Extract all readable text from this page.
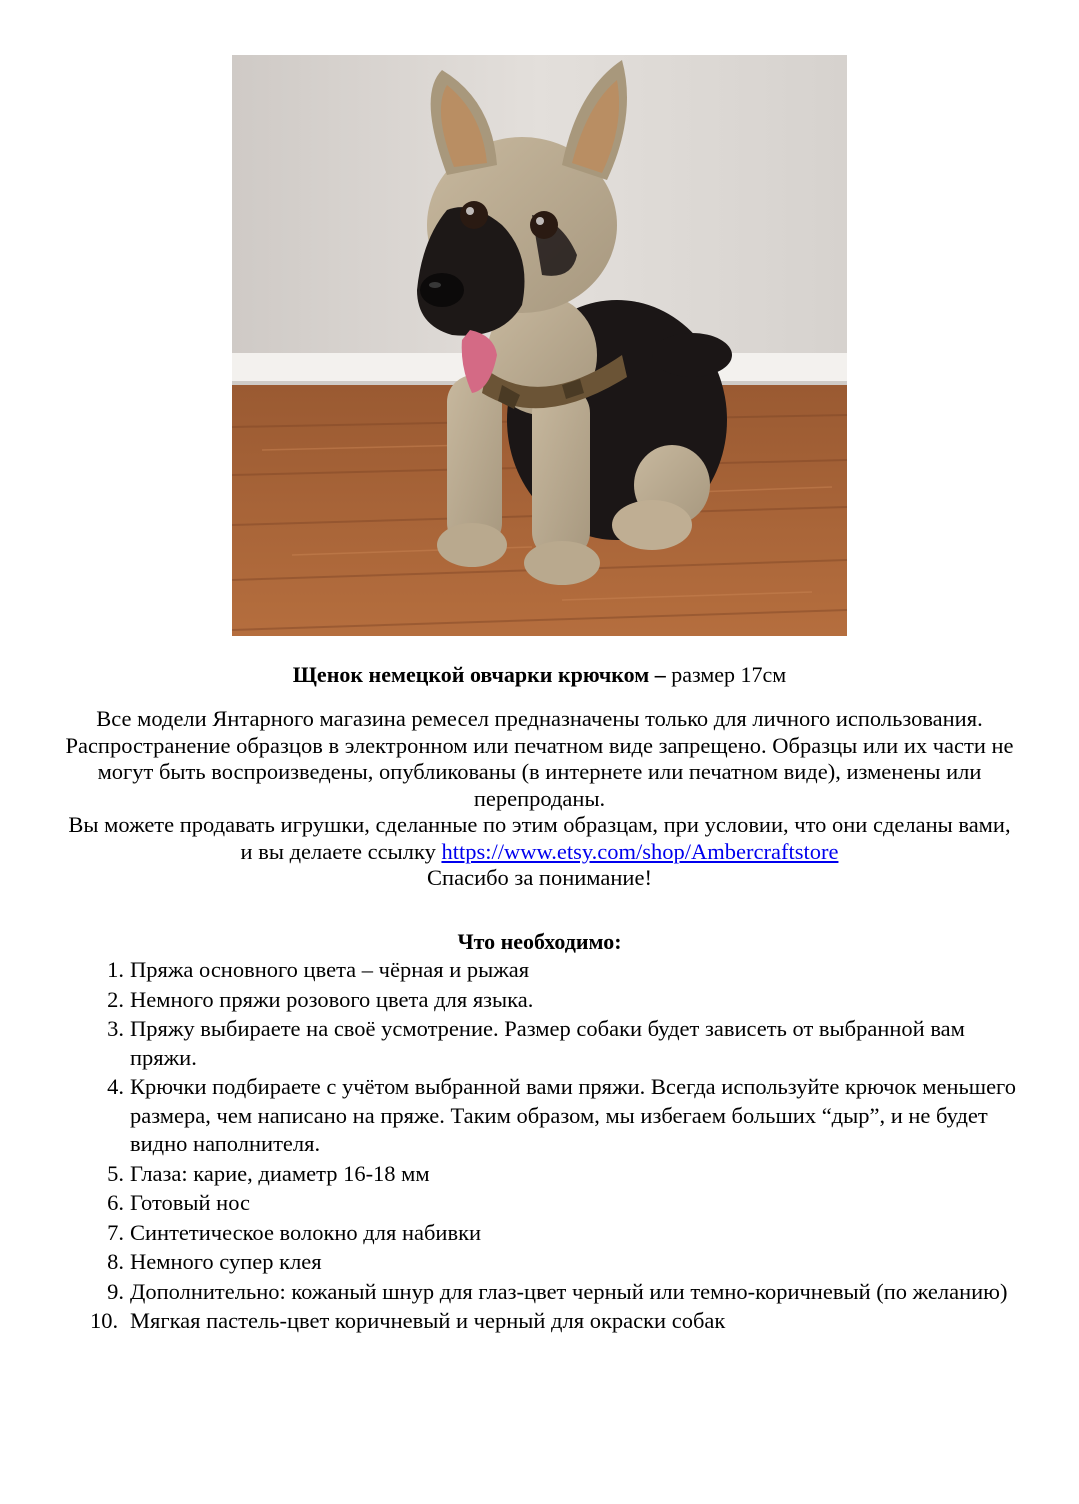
Щенок немецкой овчарки крючком – размер 17см

Все модели Янтарного магазина ремесел предназначены только для личного использования. Распространение образцов в электронном или печатном виде запрещено. Образцы или их части не могут быть воспроизведены, опубликованы (в интернете или печатном виде), изменены или перепроданы.

Вы можете продавать игрушки, сделанные по этим образцам, при условии, что они сделаны вами, и вы делаете ссылку https://www.etsy.com/shop/Ambercraftstore

Спасибо за понимание!

Что необходимо:
1. Пряжа основного цвета – чёрная и рыжая
2. Немного пряжи розового цвета для языка.
3. Пряжу выбираете на своё усмотрение. Размер собаки будет зависеть от выбранной вам пряжи.
4. Крючки подбираете с учётом выбранной вами пряжи. Всегда используйте крючок меньшего размера, чем написано на пряже. Таким образом, мы избегаем больших “дыр”, и не будет видно наполнителя.
5. Глаза: карие, диаметр 16-18 мм
6. Готовый нос
7. Синтетическое волокно для набивки
8. Немного супер клея
9. Дополнительно: кожаный шнур для глаз-цвет черный или темно-коричневый (по желанию)
10. Мягкая пастель-цвет коричневый и черный для окраски собак
